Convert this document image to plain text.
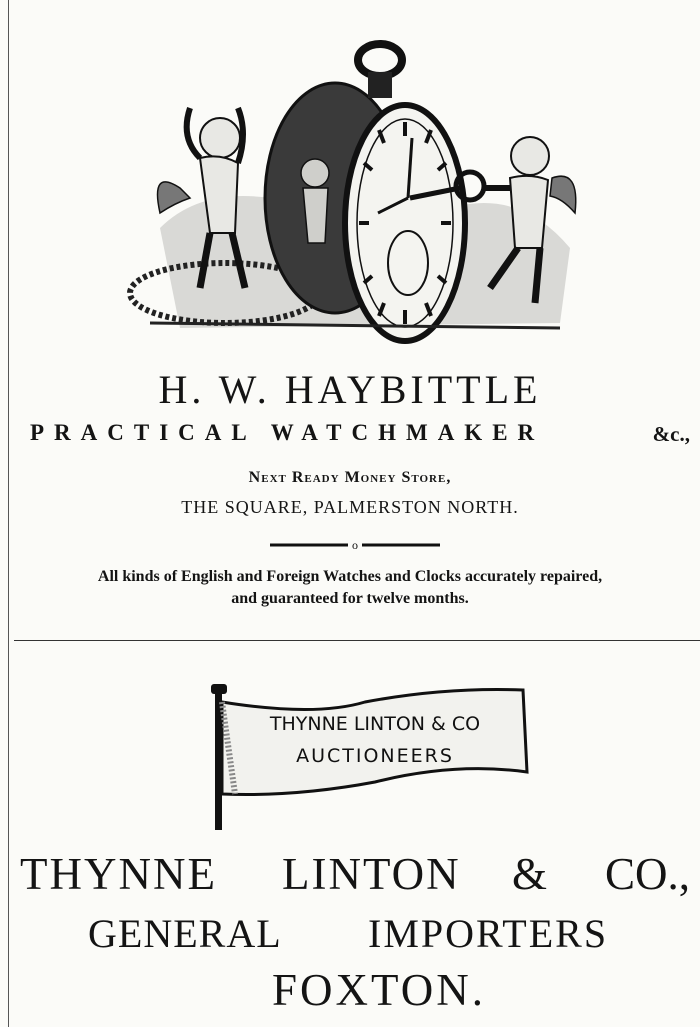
H. W. HAYBITTLE
PRACTICAL WATCHMAKER	&c.,
Next Ready Money Store,
THE SQUARE, PALMERSTON NORTH.
o
All kinds of English and Foreign Watches and Clocks accurately repaired,
and guaranteed for twelve months.
THYNNE LINTON & CO
AUCTIONEERS
THYNNE LINTON & CO.,
GENERAL IMPORTERS
FOXTON.
